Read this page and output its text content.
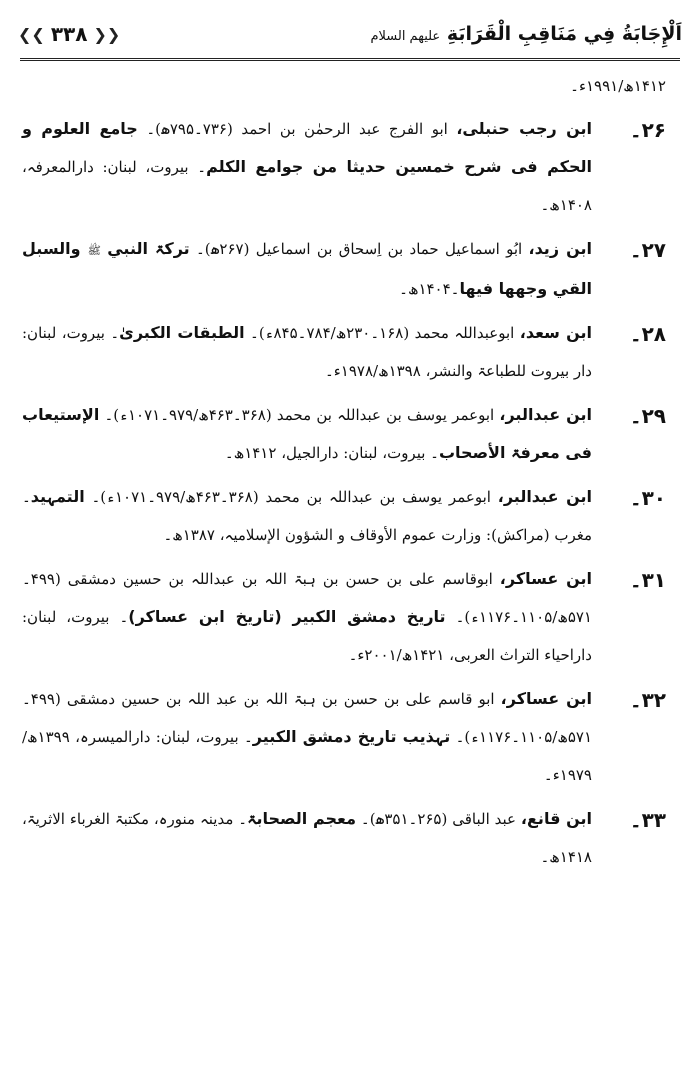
اَلْإِجَابَةُ فِي مَنَاقِبِ الْقَرَابَةِ علیھم السلام
❮❮ ۳۳۸ ❯❯
۱۴۱۲ھ/۱۹۹۱ء۔
۲۶۔
ابن رجب حنبلی، ابو الفرج عبد الرحمٰن بن احمد (۷۳۶۔۷۹۵ھ)۔ جامع العلوم و الحکم فی شرح خمسین حدیثا من جوامع الکلم۔ بیروت، لبنان: دارالمعرفہ، ۱۴۰۸ھ۔
۲۷۔
ابن زید، ابُو اسماعیل حماد بن اِسحاق بن اسماعیل (۲۶۷ھ)۔ ترکۃ النبي ﷺ والسبل القي وجهها فیها۔۱۴۰۴ھ۔
۲۸۔
ابن سعد، ابوعبداللہ محمد (۱۶۸۔۲۳۰ھ/۷۸۴۔۸۴۵ء)۔ الطبقات الکبریٰ۔ بیروت، لبنان: دار بیروت للطباعۃ والنشر، ۱۳۹۸ھ/۱۹۷۸ء۔
۲۹۔
ابن عبدالبر، ابوعمر یوسف بن عبداللہ بن محمد (۳۶۸۔۴۶۳ھ/۹۷۹۔۱۰۷۱ء)۔ الإستیعاب فی معرفۃ الأصحاب۔ بیروت، لبنان: دارالجیل، ۱۴۱۲ھ۔
۳۰۔
ابن عبدالبر، ابوعمر یوسف بن عبداللہ بن محمد (۳۶۸۔۴۶۳ھ/۹۷۹۔۱۰۷۱ء)۔ التمہید۔ مغرب (مراکش): وزارت عموم الأوقاف و الشؤون الإسلامیہ، ۱۳۸۷ھ۔
۳۱۔
ابن عساکر، ابوقاسم علی بن حسن بن ہبۃ اللہ بن عبداللہ بن حسین دمشقی (۴۹۹۔۵۷۱ھ/۱۱۰۵۔۱۱۷۶ء)۔ تاریخ دمشق الکبیر (تاریخ ابن عساکر)۔ بیروت، لبنان: داراحیاء التراث العربی، ۱۴۲۱ھ/۲۰۰۱ء۔
۳۲۔
ابن عساکر، ابو قاسم علی بن حسن بن ہبۃ اللہ بن عبد اللہ بن حسین دمشقی (۴۹۹۔۵۷۱ھ/۱۱۰۵۔۱۱۷۶ء)۔ تہذیب تاریخ دمشق الکبیر۔ بیروت، لبنان: دارالمیسرہ، ۱۳۹۹ھ/۱۹۷۹ء۔
۳۳۔
ابن قانع، عبد الباقی (۲۶۵۔۳۵۱ھ)۔ معجم الصحابۃ۔ مدینہ منورہ، مکتبۃ الغرباء الاثریۃ، ۱۴۱۸ھ۔
